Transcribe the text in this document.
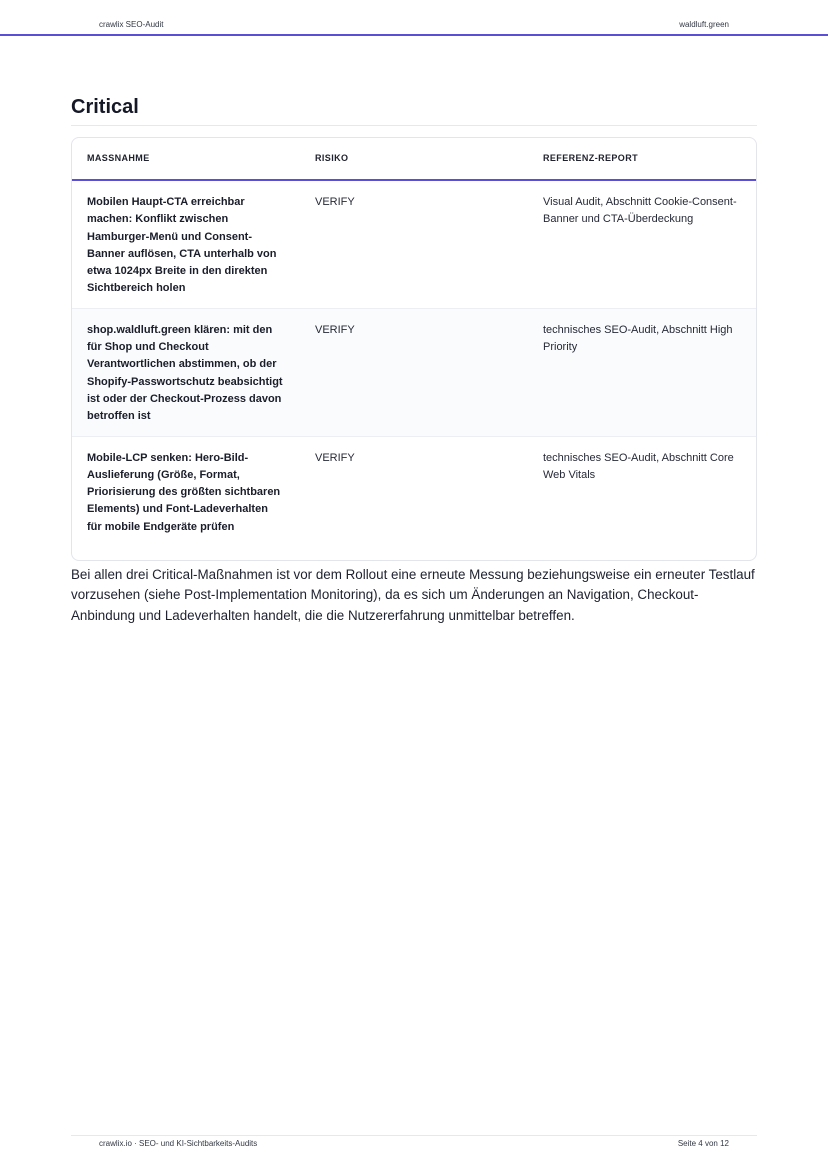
crawlix SEO-Audit	waldluft.green
Critical
MASSNAHME	RISIKO	REFERENZ-REPORT
Mobilen Haupt-CTA erreichbar machen: Konflikt zwischen Hamburger-Menü und Consent-Banner auflösen, CTA unterhalb von etwa 1024px Breite in den direkten Sichtbereich holen	VERIFY	Visual Audit, Abschnitt Cookie-Consent-Banner und CTA-Überdeckung
shop.waldluft.green klären: mit den für Shop und Checkout Verantwortlichen abstimmen, ob der Shopify-Passwortschutz beabsichtigt ist oder der Checkout-Prozess davon betroffen ist	VERIFY	technisches SEO-Audit, Abschnitt High Priority
Mobile-LCP senken: Hero-Bild-Auslieferung (Größe, Format, Priorisierung des größten sichtbaren Elements) und Font-Ladeverhalten für mobile Endgeräte prüfen	VERIFY	technisches SEO-Audit, Abschnitt Core Web Vitals

Bei allen drei Critical-Maßnahmen ist vor dem Rollout eine erneute Messung beziehungsweise ein erneuter Testlauf vorzusehen (siehe Post-Implementation Monitoring), da es sich um Änderungen an Navigation, Checkout-Anbindung und Ladeverhalten handelt, die die Nutzererfahrung unmittelbar betreffen.

crawlix.io · SEO- und KI-Sichtbarkeits-Audits	Seite 4 von 12
